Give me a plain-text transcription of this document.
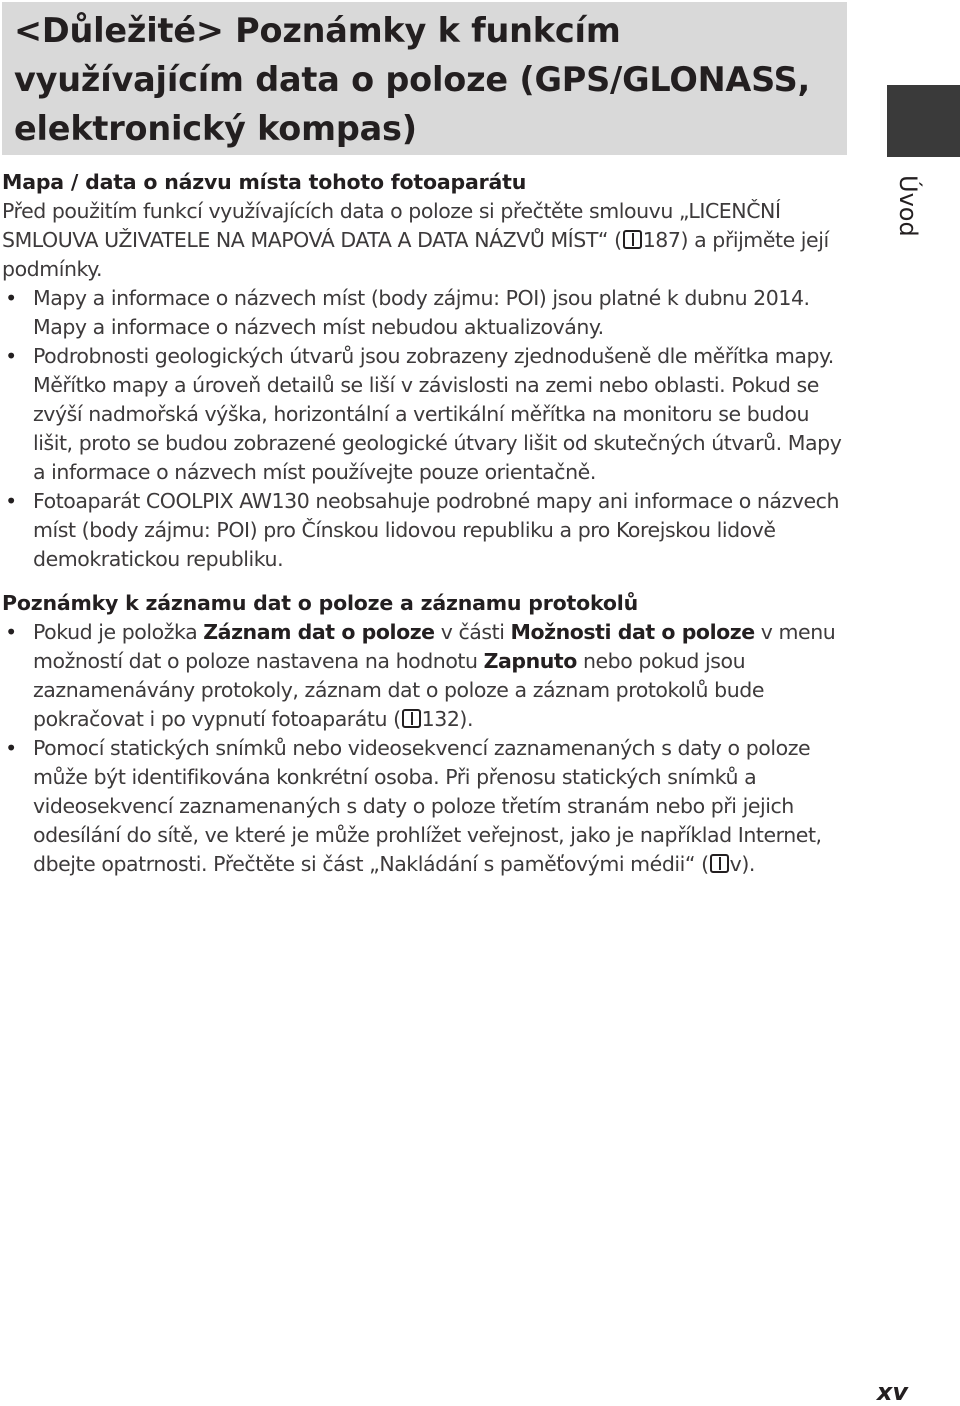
<Důležité> Poznámky k funkcím využívajícím data o poloze (GPS/GLONASS, elektronický kompas)
Úvod
Mapa / data o názvu místa tohoto fotoaparátu

Před použitím funkcí využívajících data o poloze si přečtěte smlouvu „LICENČNÍ SMLOUVA UŽIVATELE NA MAPOVÁ DATA A DATA NÁZVŮ MÍST“ ( 187) a přijměte její podmínky.

• Mapy a informace o názvech míst (body zájmu: POI) jsou platné k dubnu 2014. Mapy a informace o názvech míst nebudou aktualizovány.
• Podrobnosti geologických útvarů jsou zobrazeny zjednodušeně dle měřítka mapy. Měřítko mapy a úroveň detailů se liší v závislosti na zemi nebo oblasti. Pokud se zvýší nadmořská výška, horizontální a vertikální měřítka na monitoru se budou lišit, proto se budou zobrazené geologické útvary lišit od skutečných útvarů. Mapy a informace o názvech míst používejte pouze orientačně.
• Fotoaparát COOLPIX AW130 neobsahuje podrobné mapy ani informace o názvech míst (body zájmu: POI) pro Čínskou lidovou republiku a pro Korejskou lidově demokratickou republiku.
Poznámky k záznamu dat o poloze a záznamu protokolů
• Pokud je položka Záznam dat o poloze v části Možnosti dat o poloze v menu možností dat o poloze nastavena na hodnotu Zapnuto nebo pokud jsou zaznamenávány protokoly, záznam dat o poloze a záznam protokolů bude pokračovat i po vypnutí fotoaparátu ( 132).
• Pomocí statických snímků nebo videosekvencí zaznamenaných s daty o poloze může být identifikována konkrétní osoba. Při přenosu statických snímků a videosekvencí zaznamenaných s daty o poloze třetím stranám nebo při jejich odesílání do sítě, ve které je může prohlížet veřejnost, jako je například Internet, dbejte opatrnosti. Přečtěte si část „Nakládání s paměťovými médii“ ( v).
xv
